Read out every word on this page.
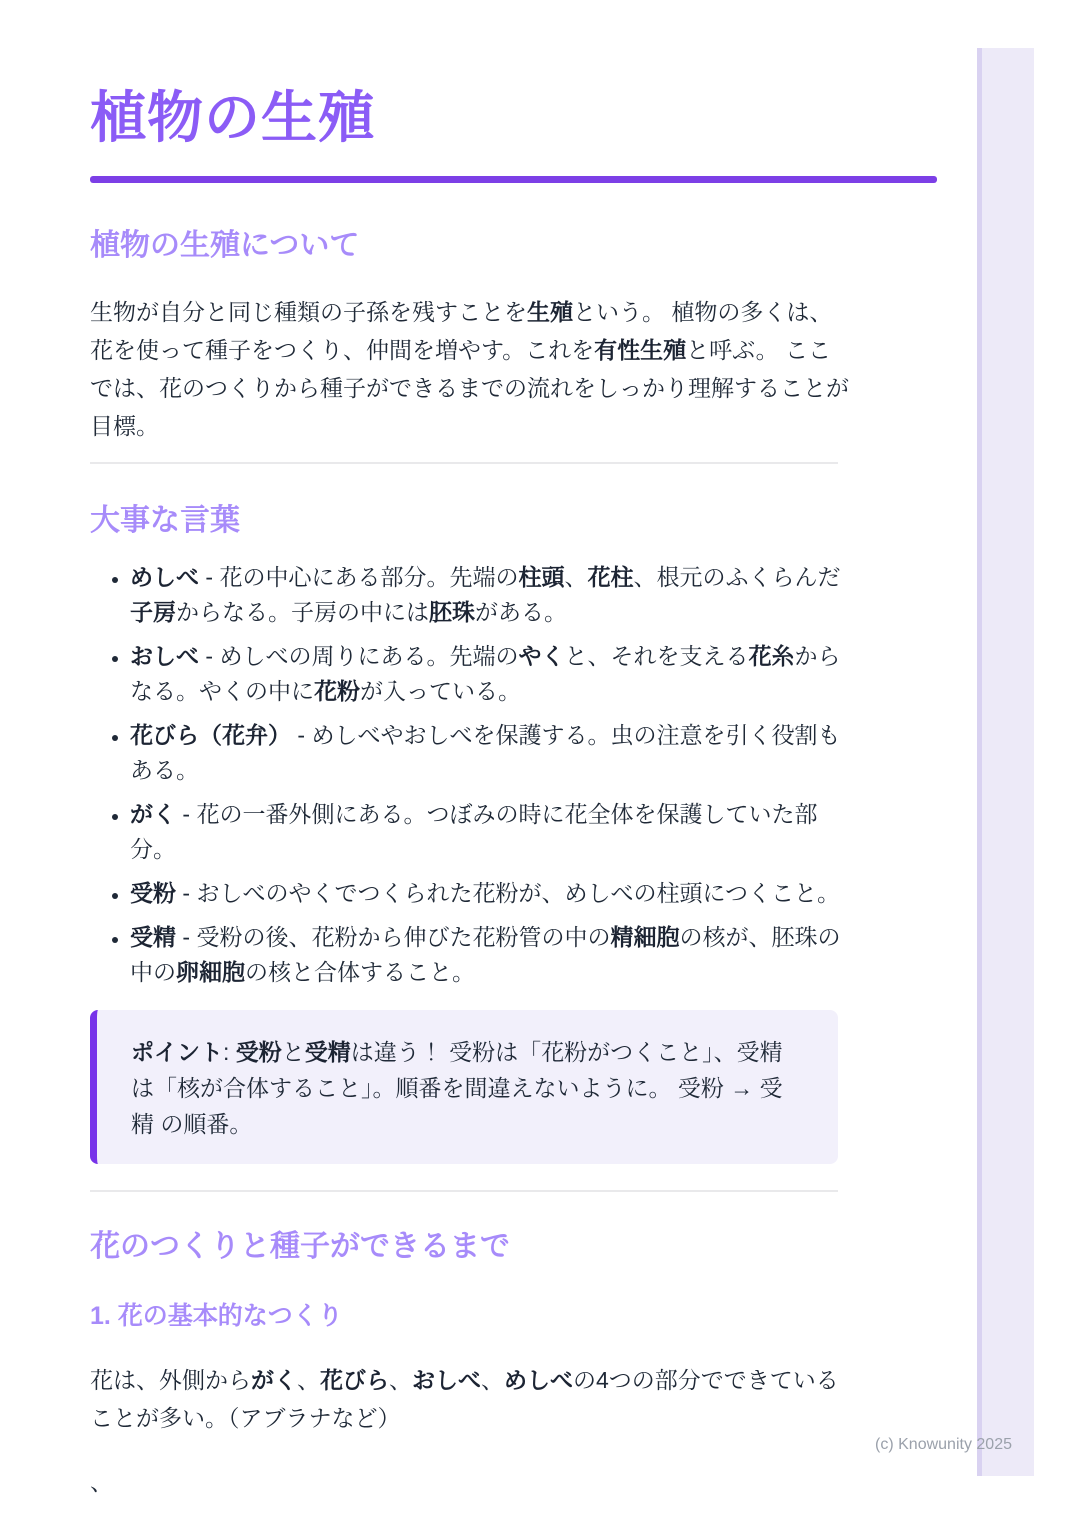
植物の生殖
植物の生殖について

生物が自分と同じ種類の子孫を残すことを生殖という。 植物の多くは、花を使って種子をつくり、仲間を増やす。これを有性生殖と呼ぶ。 ここでは、花のつくりから種子ができるまでの流れをしっかり理解することが目標。

大事な言葉
• めしべ - 花の中心にある部分。先端の柱頭、花柱、根元のふくらんだ子房からなる。子房の中には胚珠がある。
• おしべ - めしべの周りにある。先端のやくと、それを支える花糸からなる。やくの中に花粉が入っている。
• 花びら（花弁） - めしべやおしべを保護する。虫の注意を引く役割もある。
• がく - 花の一番外側にある。つぼみの時に花全体を保護していた部分。
• 受粉 - おしべのやくでつくられた花粉が、めしべの柱頭につくこと。
• 受精 - 受粉の後、花粉から伸びた花粉管の中の精細胞の核が、胚珠の中の卵細胞の核と合体すること。

ポイント: 受粉と受精は違う！ 受粉は「花粉がつくこと」、受精は「核が合体すること」。順番を間違えないように。 受粉 → 受精 の順番。

花のつくりと種子ができるまで
1. 花の基本的なつくり

花は、外側からがく、花びら、おしべ、めしべの4つの部分でできていることが多い。（アブラナなど）

、

(c) Knowunity 2025
